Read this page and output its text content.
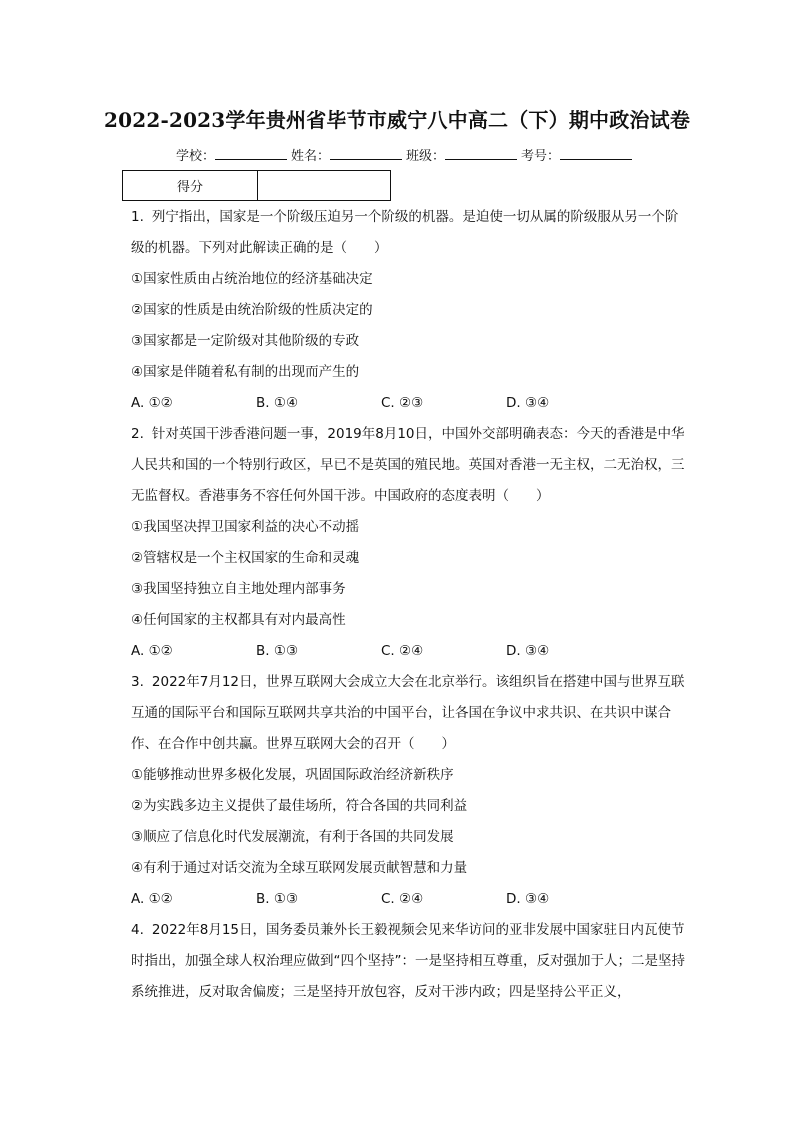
2022-2023学年贵州省毕节市威宁八中高二（下）期中政治试卷
学校：	姓名：	班级：	考号：
得分	
1. 列宁指出，国家是一个阶级压迫另一个阶级的机器。是迫使一切从属的阶级服从另一个阶级的机器。下列对此解读正确的是（　　）
①国家性质由占统治地位的经济基础决定
②国家的性质是由统治阶级的性质决定的
③国家都是一定阶级对其他阶级的专政
④国家是伴随着私有制的出现而产生的
A. ①②	B. ①④	C. ②③	D. ③④
2. 针对英国干涉香港问题一事，2019年8月10日，中国外交部明确表态：今天的香港是中华人民共和国的一个特别行政区，早已不是英国的殖民地。英国对香港一无主权，二无治权，三无监督权。香港事务不容任何外国干涉。中国政府的态度表明（　　）
①我国坚决捍卫国家利益的决心不动摇
②管辖权是一个主权国家的生命和灵魂
③我国坚持独立自主地处理内部事务
④任何国家的主权都具有对内最高性
A. ①②	B. ①③	C. ②④	D. ③④
3. 2022年7月12日，世界互联网大会成立大会在北京举行。该组织旨在搭建中国与世界互联互通的国际平台和国际互联网共享共治的中国平台，让各国在争议中求共识、在共识中谋合作、在合作中创共赢。世界互联网大会的召开（　　）
①能够推动世界多极化发展，巩固国际政治经济新秩序
②为实践多边主义提供了最佳场所，符合各国的共同利益
③顺应了信息化时代发展潮流，有利于各国的共同发展
④有利于通过对话交流为全球互联网发展贡献智慧和力量
A. ①②	B. ①③	C. ②④	D. ③④
4. 2022年8月15日，国务委员兼外长王毅视频会见来华访问的亚非发展中国家驻日内瓦使节时指出，加强全球人权治理应做到“四个坚持”：一是坚持相互尊重，反对强加于人；二是坚持系统推进，反对取舍偏废；三是坚持开放包容，反对干涉内政；四是坚持公平正义，
